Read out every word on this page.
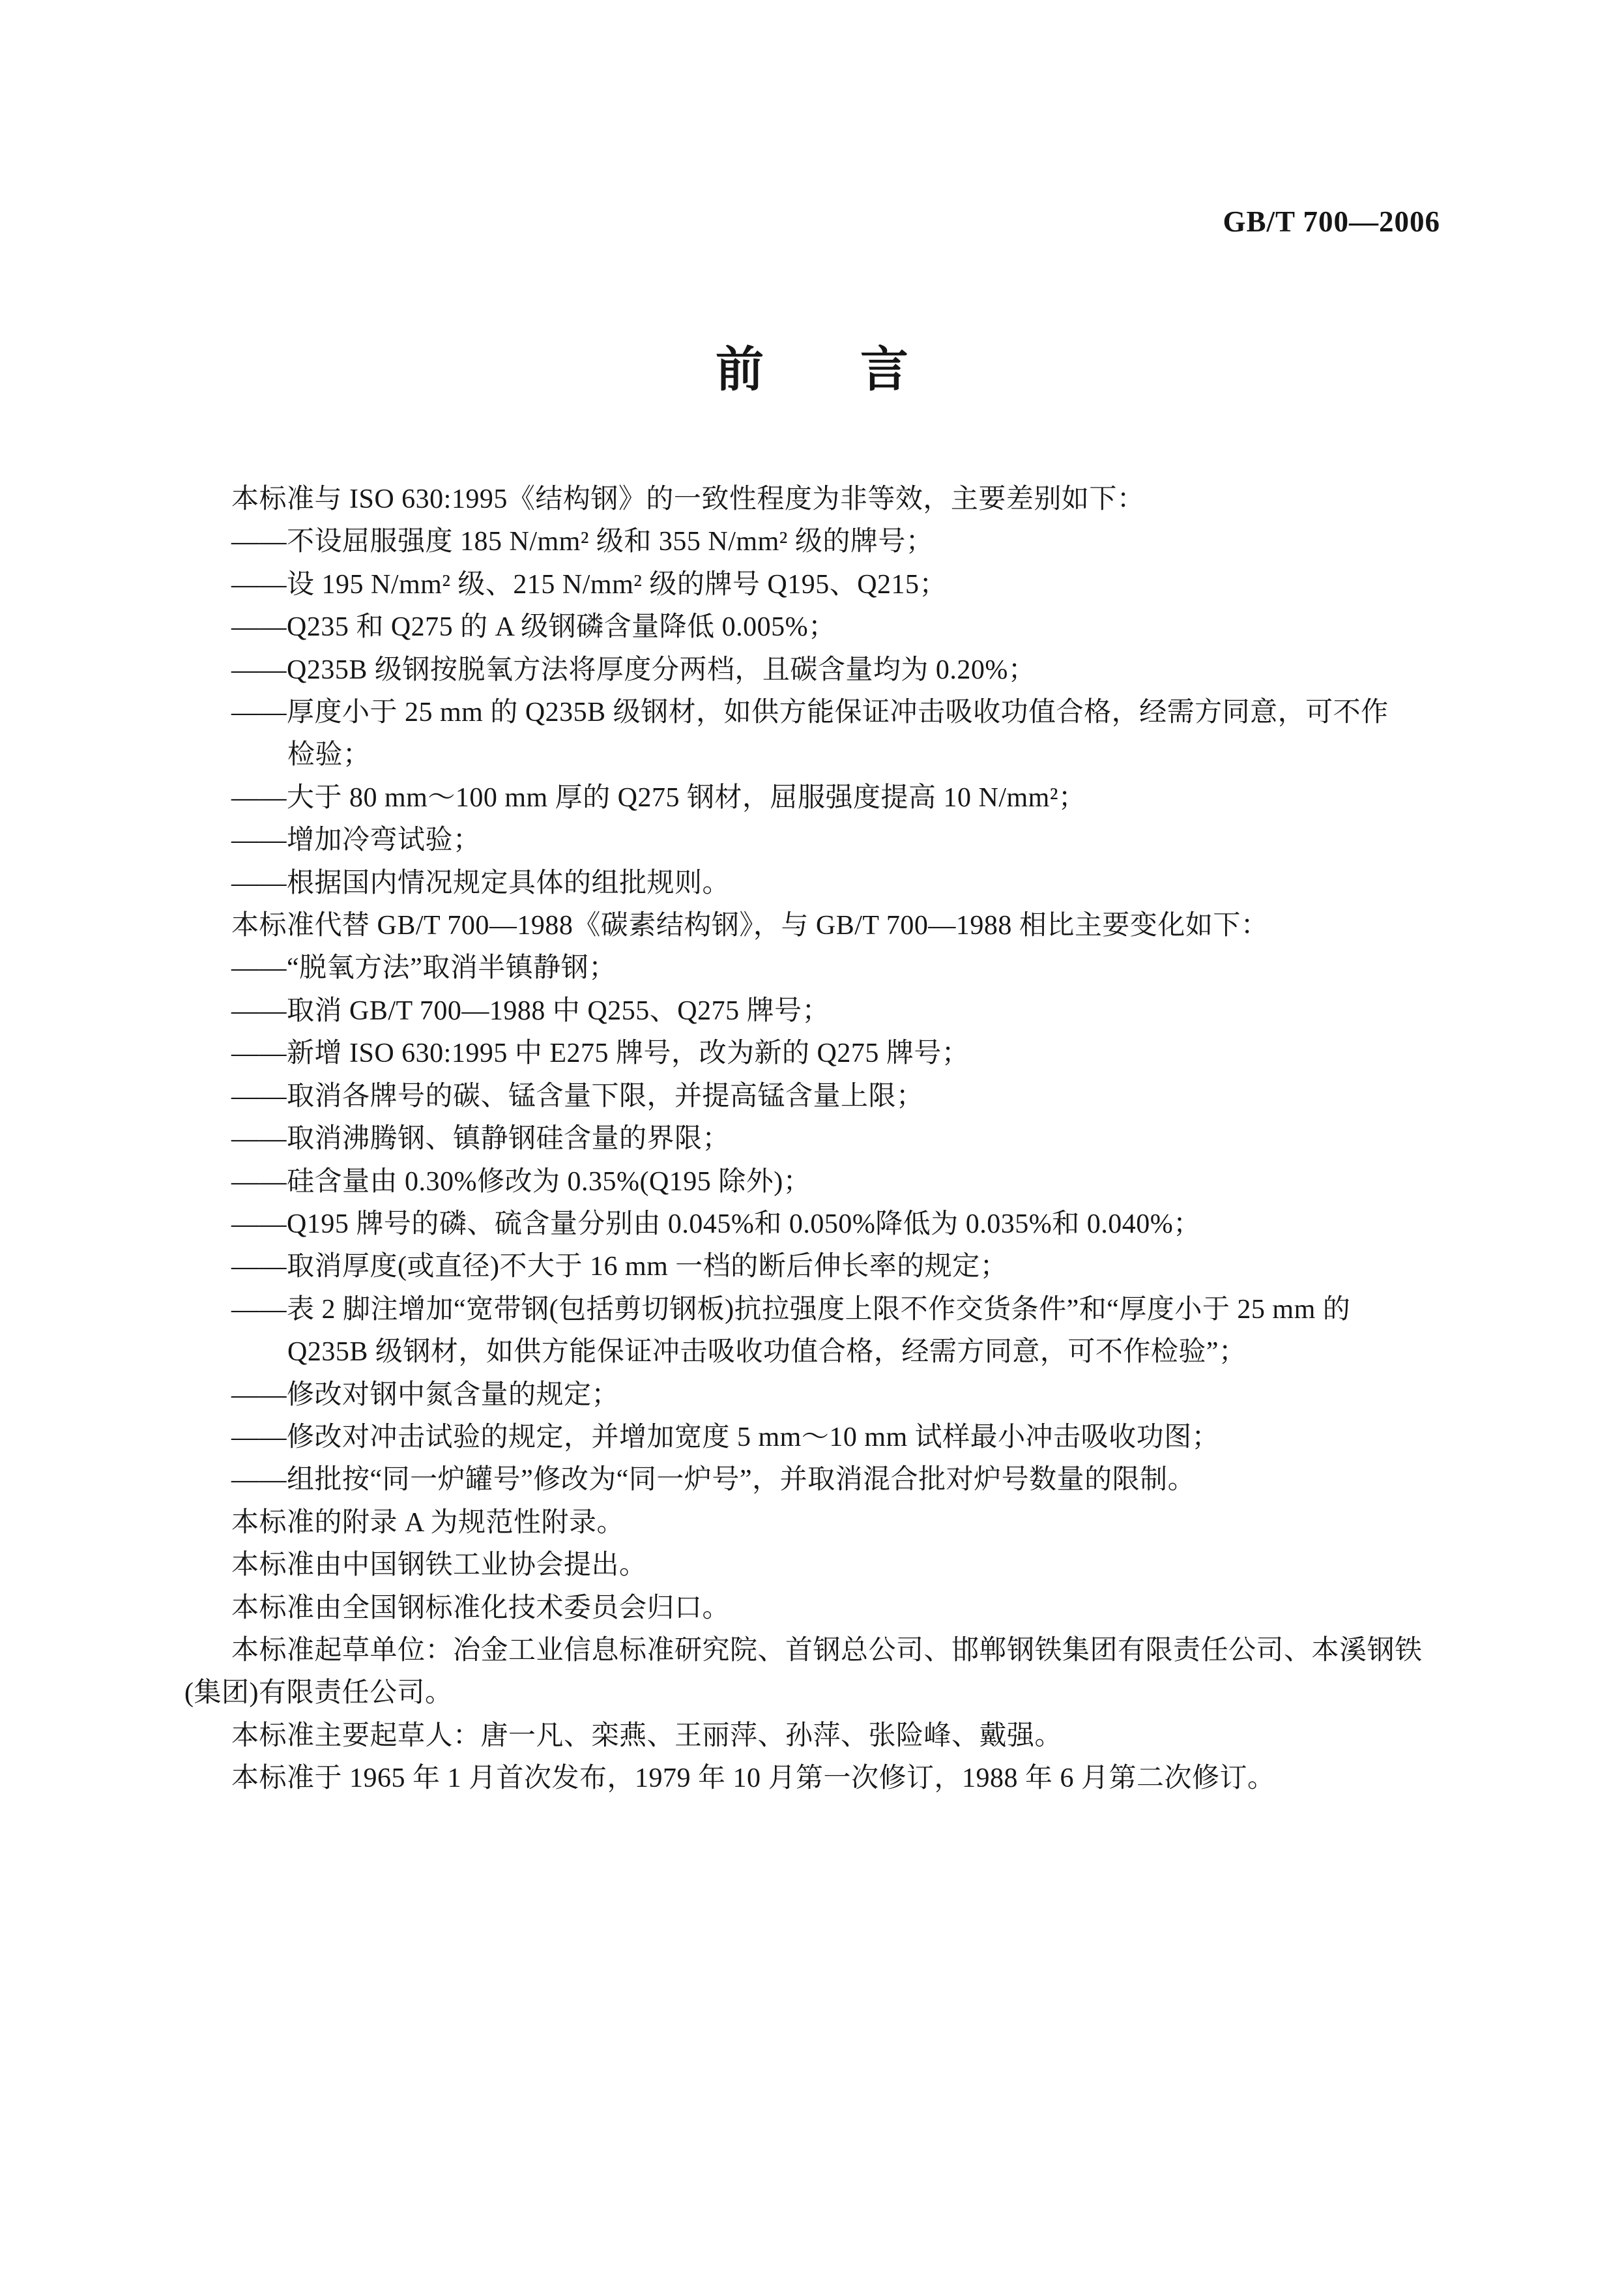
GB/T 700—2006
前　　言
本标准与 ISO 630:1995《结构钢》的一致性程度为非等效，主要差别如下：
——不设屈服强度 185 N/mm² 级和 355 N/mm² 级的牌号；
——设 195 N/mm² 级、215 N/mm² 级的牌号 Q195、Q215；
——Q235 和 Q275 的 A 级钢磷含量降低 0.005%；
——Q235B 级钢按脱氧方法将厚度分两档，且碳含量均为 0.20%；
——厚度小于 25 mm 的 Q235B 级钢材，如供方能保证冲击吸收功值合格，经需方同意，可不作
检验；
——大于 80 mm～100 mm 厚的 Q275 钢材，屈服强度提高 10 N/mm²；
——增加冷弯试验；
——根据国内情况规定具体的组批规则。
本标准代替 GB/T 700—1988《碳素结构钢》，与 GB/T 700—1988 相比主要变化如下：
——“脱氧方法”取消半镇静钢；
——取消 GB/T 700—1988 中 Q255、Q275 牌号；
——新增 ISO 630:1995 中 E275 牌号，改为新的 Q275 牌号；
——取消各牌号的碳、锰含量下限，并提高锰含量上限；
——取消沸腾钢、镇静钢硅含量的界限；
——硅含量由 0.30%修改为 0.35%(Q195 除外)；
——Q195 牌号的磷、硫含量分别由 0.045%和 0.050%降低为 0.035%和 0.040%；
——取消厚度(或直径)不大于 16 mm 一档的断后伸长率的规定；
——表 2 脚注增加“宽带钢(包括剪切钢板)抗拉强度上限不作交货条件”和“厚度小于 25 mm 的
Q235B 级钢材，如供方能保证冲击吸收功值合格，经需方同意，可不作检验”；
——修改对钢中氮含量的规定；
——修改对冲击试验的规定，并增加宽度 5 mm～10 mm 试样最小冲击吸收功图；
——组批按“同一炉罐号”修改为“同一炉号”，并取消混合批对炉号数量的限制。
本标准的附录 A 为规范性附录。
本标准由中国钢铁工业协会提出。
本标准由全国钢标准化技术委员会归口。
本标准起草单位：冶金工业信息标准研究院、首钢总公司、邯郸钢铁集团有限责任公司、本溪钢铁
(集团)有限责任公司。
本标准主要起草人：唐一凡、栾燕、王丽萍、孙萍、张险峰、戴强。
本标准于 1965 年 1 月首次发布，1979 年 10 月第一次修订，1988 年 6 月第二次修订。
